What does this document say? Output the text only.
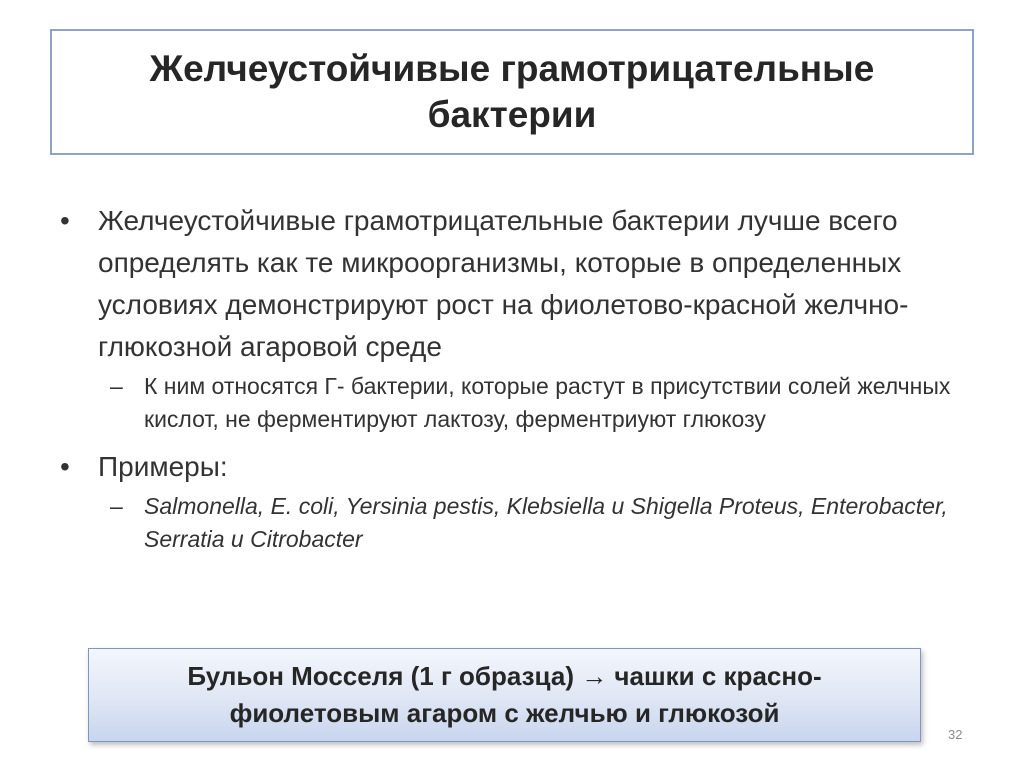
Желчеустойчивые грамотрицательные бактерии
•	Желчеустойчивые грамотрицательные бактерии лучше всего определять как те микроорганизмы, которые в определенных условиях демонстрируют рост на фиолетово-красной желчно-глюкозной агаровой среде
– К ним относятся Г- бактерии, которые растут в присутствии солей желчных кислот, не ферментируют лактозу, ферментриуют глюкозу
•	Примеры:
– Salmonella, E. coli, Yersinia pestis, Klebsiella и Shigella Proteus, Enterobacter, Serratia и Citrobacter
Бульон Мосселя (1 г образца) → чашки с красно-фиолетовым агаром с желчью и глюкозой
32
